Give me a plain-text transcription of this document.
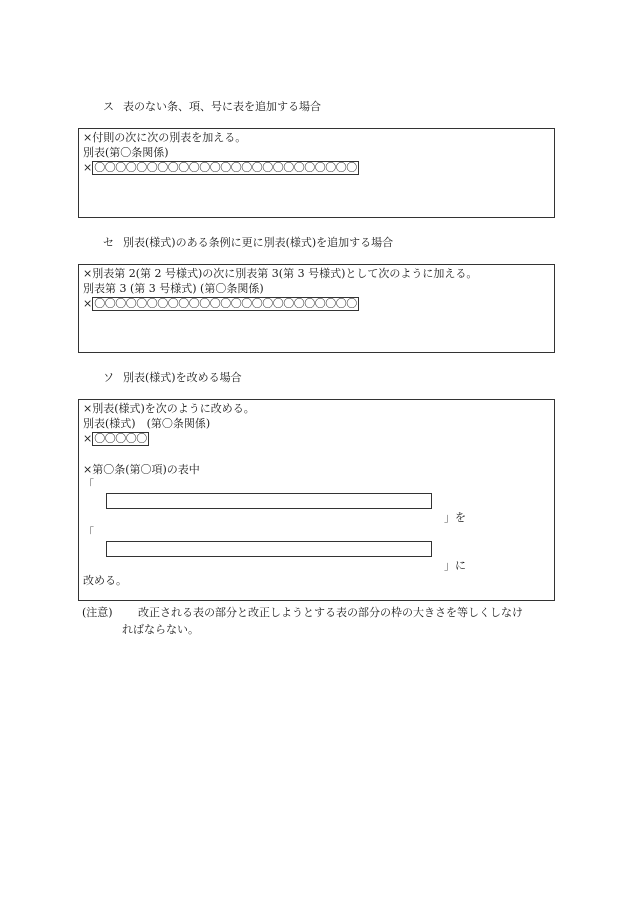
ス 表のない条、項、号に表を追加する場合
×付則の次に次の別表を加える。
別表(第〇条関係)
× 〇〇〇〇〇〇〇〇〇〇〇〇〇〇〇〇〇〇〇〇〇〇〇〇〇
セ 別表(様式)のある条例に更に別表(様式)を追加する場合
×別表第 2(第 2 号様式)の次に別表第 3(第 3 号様式)として次のように加える。
別表第 3 (第 3 号様式) (第〇条関係)
× 〇〇〇〇〇〇〇〇〇〇〇〇〇〇〇〇〇〇〇〇〇〇〇〇〇
ソ 別表(様式)を改める場合
×別表(様式)を次のように改める。
別表(様式)　(第〇条関係)
× 〇〇〇〇〇
×第〇条(第〇項)の表中
「
」を
「
」に
改める。
(注意) 改正される表の部分と改正しようとする表の部分の枠の大きさを等しくしなけ
ればならない。
